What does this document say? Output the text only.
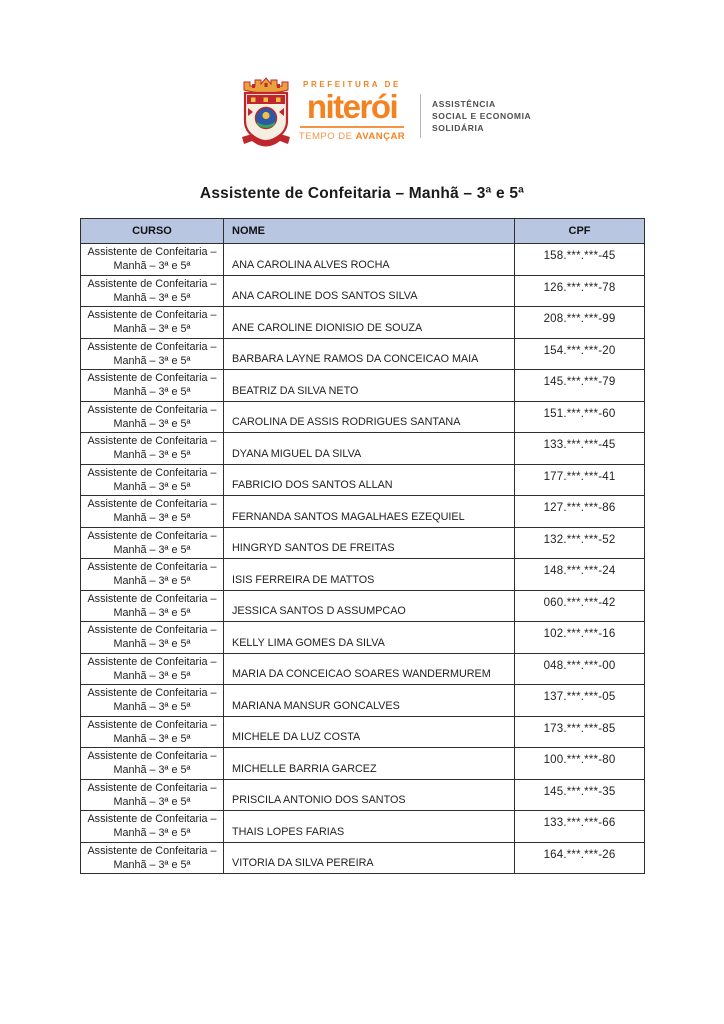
PREFEITURA DE
niterói
TEMPO DE AVANÇAR
ASSISTÊNCIA
SOCIAL E ECONOMIA
SOLIDÁRIA
Assistente de Confeitaria – Manhã – 3ª e 5ª
CURSO	NOME	CPF

Assistente de Confeitaria –
Manhã – 3ª e 5ª	ANA CAROLINA ALVES ROCHA	158.***.***-45

Assistente de Confeitaria –
Manhã – 3ª e 5ª	ANA CAROLINE DOS SANTOS SILVA	126.***.***-78

Assistente de Confeitaria –
Manhã – 3ª e 5ª	ANE CAROLINE DIONISIO DE SOUZA	208.***.***-99

Assistente de Confeitaria –
Manhã – 3ª e 5ª	BARBARA LAYNE RAMOS DA CONCEICAO MAIA	154.***.***-20

Assistente de Confeitaria –
Manhã – 3ª e 5ª	BEATRIZ DA SILVA NETO	145.***.***-79

Assistente de Confeitaria –
Manhã – 3ª e 5ª	CAROLINA DE ASSIS RODRIGUES SANTANA	151.***.***-60

Assistente de Confeitaria –
Manhã – 3ª e 5ª	DYANA MIGUEL DA SILVA	133.***.***-45

Assistente de Confeitaria –
Manhã – 3ª e 5ª	FABRICIO DOS SANTOS ALLAN	177.***.***-41

Assistente de Confeitaria –
Manhã – 3ª e 5ª	FERNANDA SANTOS MAGALHAES EZEQUIEL	127.***.***-86

Assistente de Confeitaria –
Manhã – 3ª e 5ª	HINGRYD SANTOS DE FREITAS	132.***.***-52

Assistente de Confeitaria –
Manhã – 3ª e 5ª	ISIS FERREIRA DE MATTOS	148.***.***-24

Assistente de Confeitaria –
Manhã – 3ª e 5ª	JESSICA SANTOS D ASSUMPCAO	060.***.***-42

Assistente de Confeitaria –
Manhã – 3ª e 5ª	KELLY LIMA GOMES DA SILVA	102.***.***-16

Assistente de Confeitaria –
Manhã – 3ª e 5ª	MARIA DA CONCEICAO SOARES WANDERMUREM	048.***.***-00

Assistente de Confeitaria –
Manhã – 3ª e 5ª	MARIANA MANSUR GONCALVES	137.***.***-05

Assistente de Confeitaria –
Manhã – 3ª e 5ª	MICHELE DA LUZ COSTA	173.***.***-85

Assistente de Confeitaria –
Manhã – 3ª e 5ª	MICHELLE BARRIA GARCEZ	100.***.***-80

Assistente de Confeitaria –
Manhã – 3ª e 5ª	PRISCILA ANTONIO DOS SANTOS	145.***.***-35

Assistente de Confeitaria –
Manhã – 3ª e 5ª	THAIS LOPES FARIAS	133.***.***-66

Assistente de Confeitaria –
Manhã – 3ª e 5ª	VITORIA DA SILVA PEREIRA	164.***.***-26
